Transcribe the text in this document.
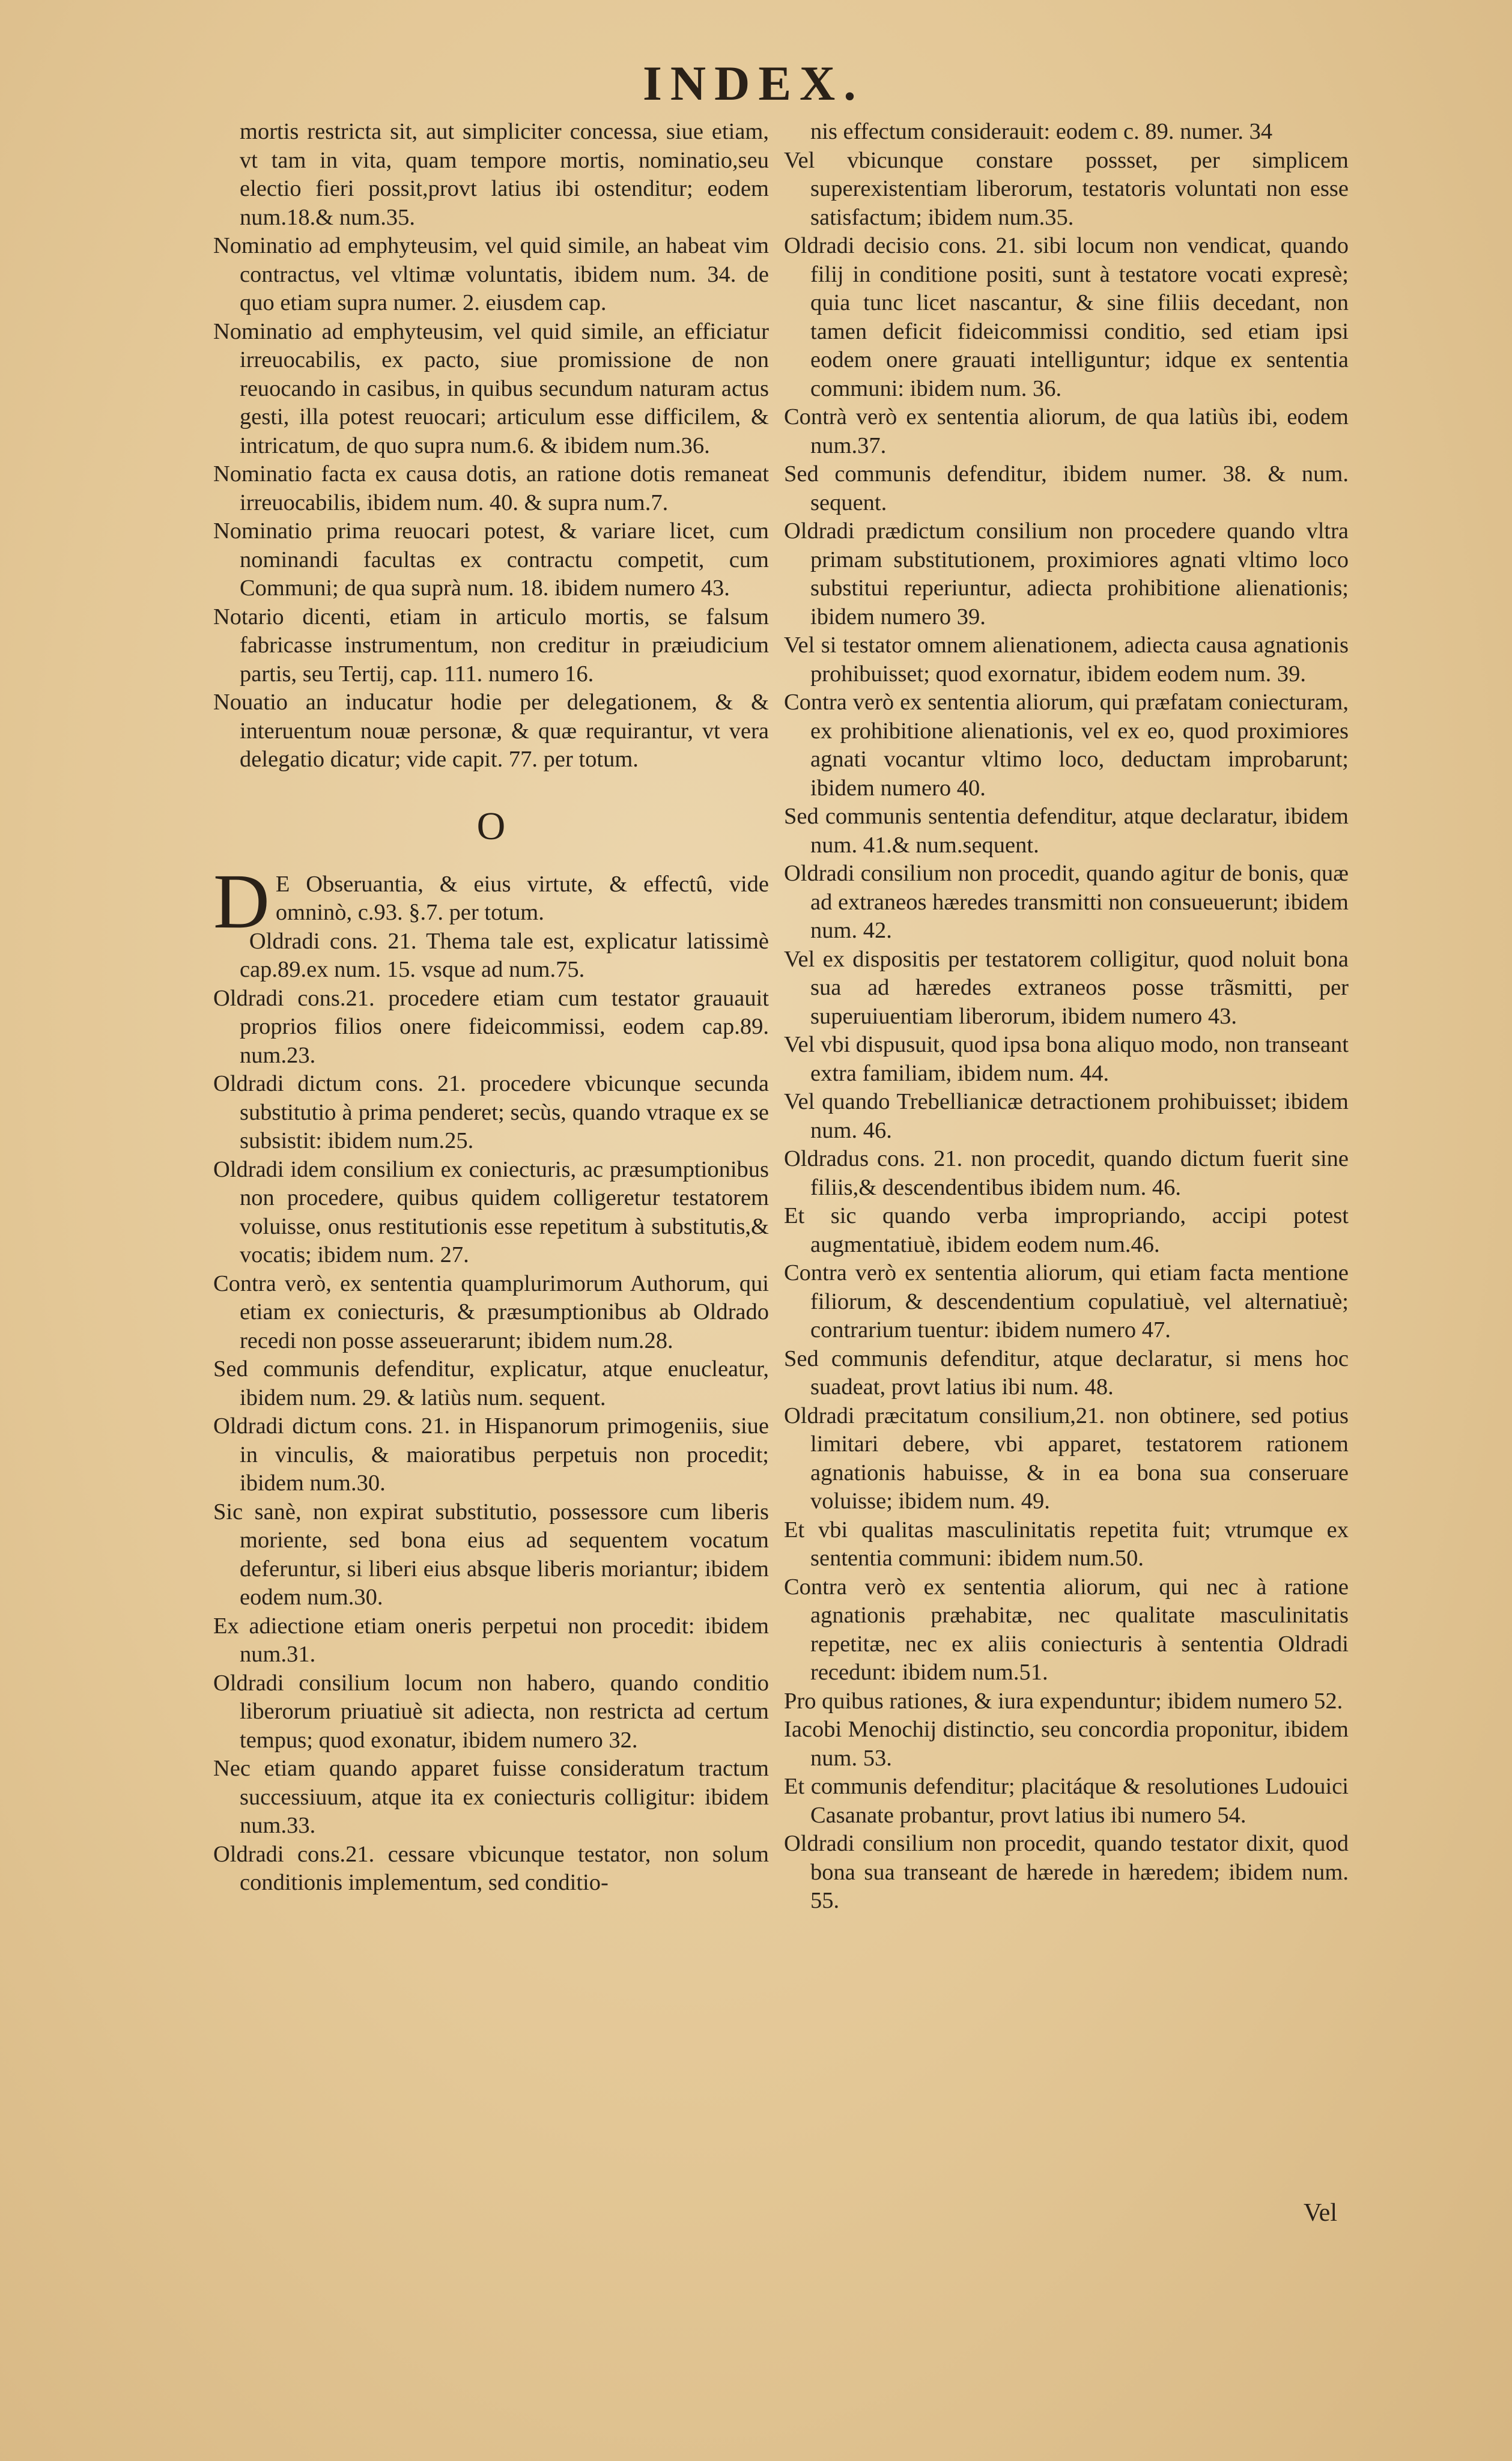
INDEX.

mortis restricta sit, aut simpliciter concessa, siue etiam, vt tam in vita, quam tempore mortis, nominatio,seu electio fieri possit,provt latius ibi ostenditur; eodem num.18.& num.35.

Nominatio ad emphyteusim, vel quid simile, an habeat vim contractus, vel vltimæ voluntatis, ibidem num. 34. de quo etiam supra numer. 2. eiusdem cap.

Nominatio ad emphyteusim, vel quid simile, an efficiatur irreuocabilis, ex pacto, siue promissione de non reuocando in casibus, in quibus secundum naturam actus gesti, illa potest reuocari; articulum esse difficilem, & intricatum, de quo supra num.6. & ibidem num.36.

Nominatio facta ex causa dotis, an ratione dotis remaneat irreuocabilis, ibidem num. 40. & supra num.7.

Nominatio prima reuocari potest, & variare licet, cum nominandi facultas ex contractu competit, cum Communi; de qua suprà num. 18. ibidem numero 43.

Notario dicenti, etiam in articulo mortis, se falsum fabricasse instrumentum, non creditur in præiudicium partis, seu Tertij, cap. 111. numero 16.

Nouatio an inducatur hodie per delegationem, & & interuentum nouæ personæ, & quæ requirantur, vt vera delegatio dicatur; vide capit. 77. per totum.

O

D E Obseruantia, & eius virtute, & effectû, vide omninò, c.93. §.7. per totum.

Oldradi cons. 21. Thema tale est, explicatur latissimè cap.89.ex num. 15. vsque ad num.75.

Oldradi cons.21. procedere etiam cum testator grauauit proprios filios onere fideicommissi, eodem cap.89. num.23.

Oldradi dictum cons. 21. procedere vbicunque secunda substitutio à prima penderet; secùs, quando vtraque ex se subsistit: ibidem num.25.

Oldradi idem consilium ex coniecturis, ac præsumptionibus non procedere, quibus quidem colligeretur testatorem voluisse, onus restitutionis esse repetitum à substitutis,& vocatis; ibidem num. 27.

Contra verò, ex sententia quamplurimorum Authorum, qui etiam ex coniecturis, & præsumptionibus ab Oldrado recedi non posse asseuerarunt; ibidem num.28.

Sed communis defenditur, explicatur, atque enucleatur, ibidem num. 29. & latiùs num. sequent.

Oldradi dictum cons. 21. in Hispanorum primogeniis, siue in vinculis, & maioratibus perpetuis non procedit; ibidem num.30.

Sic sanè, non expirat substitutio, possessore cum liberis moriente, sed bona eius ad sequentem vocatum deferuntur, si liberi eius absque liberis moriantur; ibidem eodem num.30.

Ex adiectione etiam oneris perpetui non procedit: ibidem num.31.

Oldradi consilium locum non habero, quando conditio liberorum priuatiuè sit adiecta, non restricta ad certum tempus; quod exonatur, ibidem numero 32.

Nec etiam quando apparet fuisse consideratum tractum successiuum, atque ita ex coniecturis colligitur: ibidem num.33.

Oldradi cons.21. cessare vbicunque testator, non solum conditionis implementum, sed conditio-

nis effectum considerauit: eodem c. 89. numer. 34

Vel vbicunque constare possset, per simplicem superexistentiam liberorum, testatoris voluntati non esse satisfactum; ibidem num.35.

Oldradi decisio cons. 21. sibi locum non vendicat, quando filij in conditione positi, sunt à testatore vocati expresè; quia tunc licet nascantur, & sine filiis decedant, non tamen deficit fideicommissi conditio, sed etiam ipsi eodem onere grauati intelliguntur; idque ex sententia communi: ibidem num. 36.

Contrà verò ex sententia aliorum, de qua latiùs ibi, eodem num.37.

Sed communis defenditur, ibidem numer. 38. & num. sequent.

Oldradi prædictum consilium non procedere quando vltra primam substitutionem, proximiores agnati vltimo loco substitui reperiuntur, adiecta prohibitione alienationis; ibidem numero 39.

Vel si testator omnem alienationem, adiecta causa agnationis prohibuisset; quod exornatur, ibidem eodem num. 39.

Contra verò ex sententia aliorum, qui præfatam coniecturam, ex prohibitione alienationis, vel ex eo, quod proximiores agnati vocantur vltimo loco, deductam improbarunt; ibidem numero 40.

Sed communis sententia defenditur, atque declaratur, ibidem num. 41.& num.sequent.

Oldradi consilium non procedit, quando agitur de bonis, quæ ad extraneos hæredes transmitti non consueuerunt; ibidem num. 42.

Vel ex dispositis per testatorem colligitur, quod noluit bona sua ad hæredes extraneos posse trãsmitti, per superuiuentiam liberorum, ibidem numero 43.

Vel vbi dispusuit, quod ipsa bona aliquo modo, non transeant extra familiam, ibidem num. 44.

Vel quando Trebellianicæ detractionem prohibuisset; ibidem num. 46.

Oldradus cons. 21. non procedit, quando dictum fuerit sine filiis,& descendentibus ibidem num. 46.

Et sic quando verba impropriando, accipi potest augmentatiuè, ibidem eodem num.46.

Contra verò ex sententia aliorum, qui etiam facta mentione filiorum, & descendentium copulatiuè, vel alternatiuè; contrarium tuentur: ibidem numero 47.

Sed communis defenditur, atque declaratur, si mens hoc suadeat, provt latius ibi num. 48.

Oldradi præcitatum consilium,21. non obtinere, sed potius limitari debere, vbi apparet, testatorem rationem agnationis habuisse, & in ea bona sua conseruare voluisse; ibidem num. 49.

Et vbi qualitas masculinitatis repetita fuit; vtrumque ex sententia communi: ibidem num.50.

Contra verò ex sententia aliorum, qui nec à ratione agnationis præhabitæ, nec qualitate masculinitatis repetitæ, nec ex aliis coniecturis à sententia Oldradi recedunt: ibidem num.51.

Pro quibus rationes, & iura expenduntur; ibidem numero 52.

Iacobi Menochij distinctio, seu concordia proponitur, ibidem num. 53.

Et communis defenditur; placitáque & resolutiones Ludouici Casanate probantur, provt latius ibi numero 54.

Oldradi consilium non procedit, quando testator dixit, quod bona sua transeant de hærede in hæredem; ibidem num. 55.

Vel
